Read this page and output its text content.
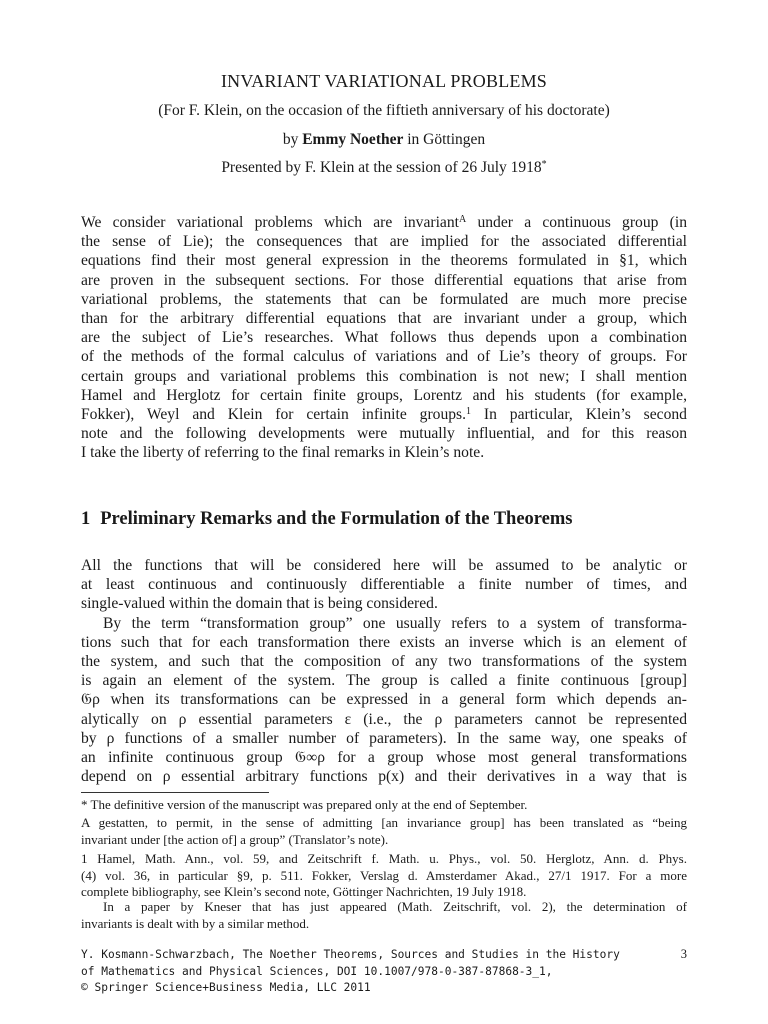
INVARIANT VARIATIONAL PROBLEMS
(For F. Klein, on the occasion of the fiftieth anniversary of his doctorate)
by Emmy Noether in Göttingen
Presented by F. Klein at the session of 26 July 1918*
We consider variational problems which are invariant$^A$ under a continuous group (in
the sense of Lie); the consequences that are implied for the associated differential
equations find their most general expression in the theorems formulated in §1, which
are proven in the subsequent sections. For those differential equations that arise from
variational problems, the statements that can be formulated are much more precise
than for the arbitrary differential equations that are invariant under a group, which
are the subject of Lie’s researches. What follows thus depends upon a combination
of the methods of the formal calculus of variations and of Lie’s theory of groups. For
certain groups and variational problems this combination is not new; I shall mention
Hamel and Herglotz for certain finite groups, Lorentz and his students (for example,
Fokker), Weyl and Klein for certain infinite groups.$^1$ In particular, Klein’s second
note and the following developments were mutually influential, and for this reason
I take the liberty of referring to the final remarks in Klein’s note.
1 Preliminary Remarks and the Formulation of the Theorems
All the functions that will be considered here will be assumed to be analytic or
at least continuous and continuously differentiable a finite number of times, and
single-valued within the domain that is being considered.
By the term “transformation group” one usually refers to a system of transforma-
tions such that for each transformation there exists an inverse which is an element of
the system, and such that the composition of any two transformations of the system
is again an element of the system. The group is called a finite continuous [group]
𝔊ρ when its transformations can be expressed in a general form which depends an-
alytically on ρ essential parameters ε (i.e., the ρ parameters cannot be represented
by ρ functions of a smaller number of parameters). In the same way, one speaks of
an infinite continuous group 𝔊∞ρ for a group whose most general transformations
depend on ρ essential arbitrary functions p(x) and their derivatives in a way that is
* The definitive version of the manuscript was prepared only at the end of September.
A gestatten, to permit, in the sense of admitting [an invariance group] has been translated as “being
invariant under [the action of] a group” (Translator’s note).
1 Hamel, Math. Ann., vol. 59, and Zeitschrift f. Math. u. Phys., vol. 50. Herglotz, Ann. d. Phys.
(4) vol. 36, in particular §9, p. 511. Fokker, Verslag d. Amsterdamer Akad., 27/1 1917. For a more
complete bibliography, see Klein’s second note, Göttinger Nachrichten, 19 July 1918.
In a paper by Kneser that has just appeared (Math. Zeitschrift, vol. 2), the determination of
invariants is dealt with by a similar method.
Y. Kosmann-Schwarzbach, The Noether Theorems, Sources and Studies in the History
of Mathematics and Physical Sciences, DOI 10.1007/978-0-387-87868-3_1,
© Springer Science+Business Media, LLC 2011
3
